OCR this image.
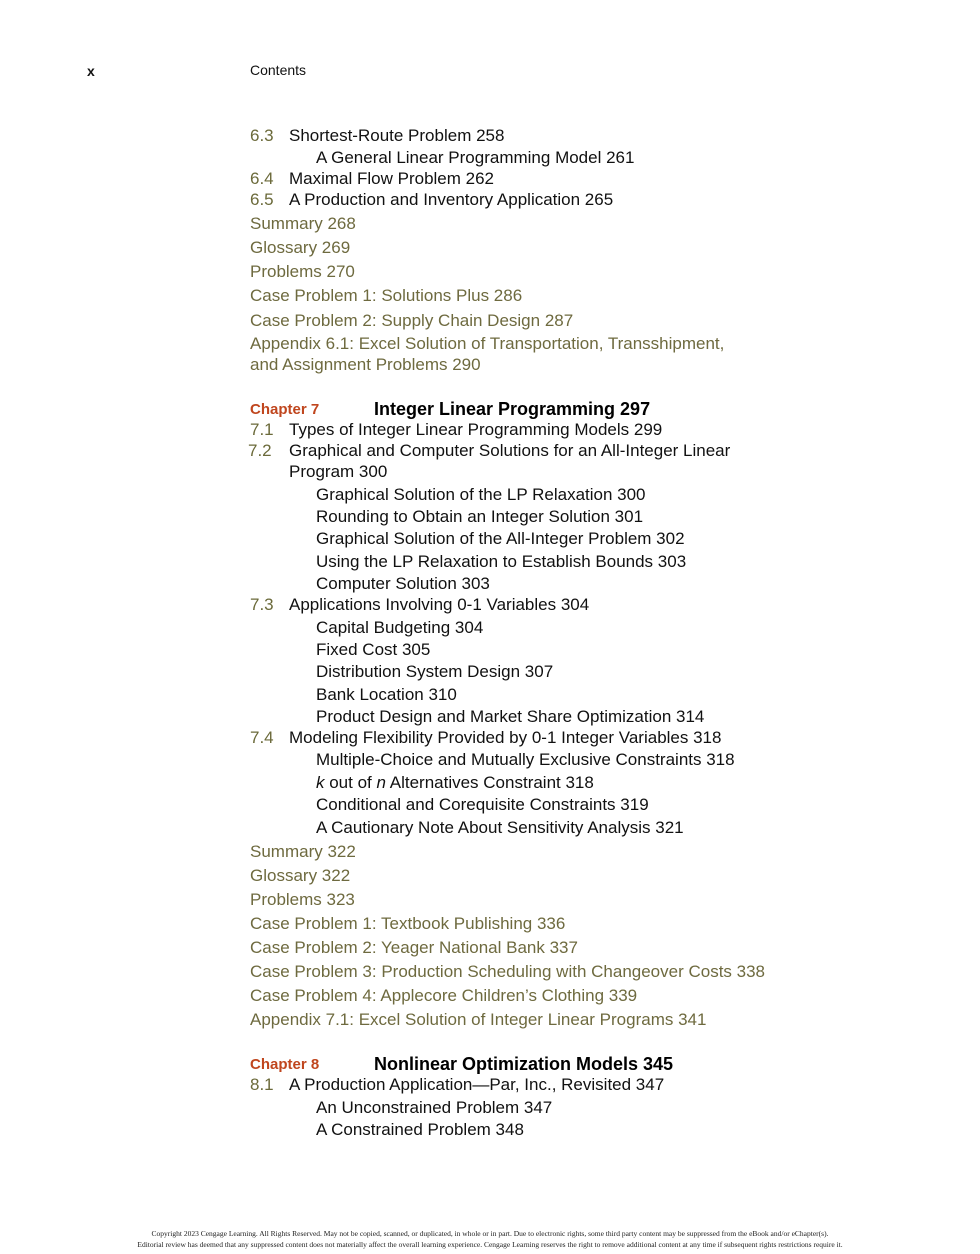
x	Contents
6.3 Shortest-Route Problem 258
A General Linear Programming Model 261
6.4 Maximal Flow Problem 262
6.5 A Production and Inventory Application 265
Summary 268
Glossary 269
Problems 270
Case Problem 1: Solutions Plus 286
Case Problem 2: Supply Chain Design 287
Appendix 6.1: Excel Solution of Transportation, Transshipment,
and Assignment Problems 290
Chapter 7	Integer Linear Programming 297
7.1 Types of Integer Linear Programming Models 299
7.2 Graphical and Computer Solutions for an All-Integer Linear
Program 300
Graphical Solution of the LP Relaxation 300
Rounding to Obtain an Integer Solution 301
Graphical Solution of the All-Integer Problem 302
Using the LP Relaxation to Establish Bounds 303
Computer Solution 303
7.3 Applications Involving 0-1 Variables 304
Capital Budgeting 304
Fixed Cost 305
Distribution System Design 307
Bank Location 310
Product Design and Market Share Optimization 314
7.4 Modeling Flexibility Provided by 0-1 Integer Variables 318
Multiple-Choice and Mutually Exclusive Constraints 318
k out of n Alternatives Constraint 318
Conditional and Corequisite Constraints 319
A Cautionary Note About Sensitivity Analysis 321
Summary 322
Glossary 322
Problems 323
Case Problem 1: Textbook Publishing 336
Case Problem 2: Yeager National Bank 337
Case Problem 3: Production Scheduling with Changeover Costs 338
Case Problem 4: Applecore Children’s Clothing 339
Appendix 7.1: Excel Solution of Integer Linear Programs 341
Chapter 8	Nonlinear Optimization Models 345
8.1 A Production Application—Par, Inc., Revisited 347
An Unconstrained Problem 347
A Constrained Problem 348
Copyright 2023 Cengage Learning. All Rights Reserved. May not be copied, scanned, or duplicated, in whole or in part. Due to electronic rights, some third party content may be suppressed from the eBook and/or eChapter(s).
Editorial review has deemed that any suppressed content does not materially affect the overall learning experience. Cengage Learning reserves the right to remove additional content at any time if subsequent rights restrictions require it.
